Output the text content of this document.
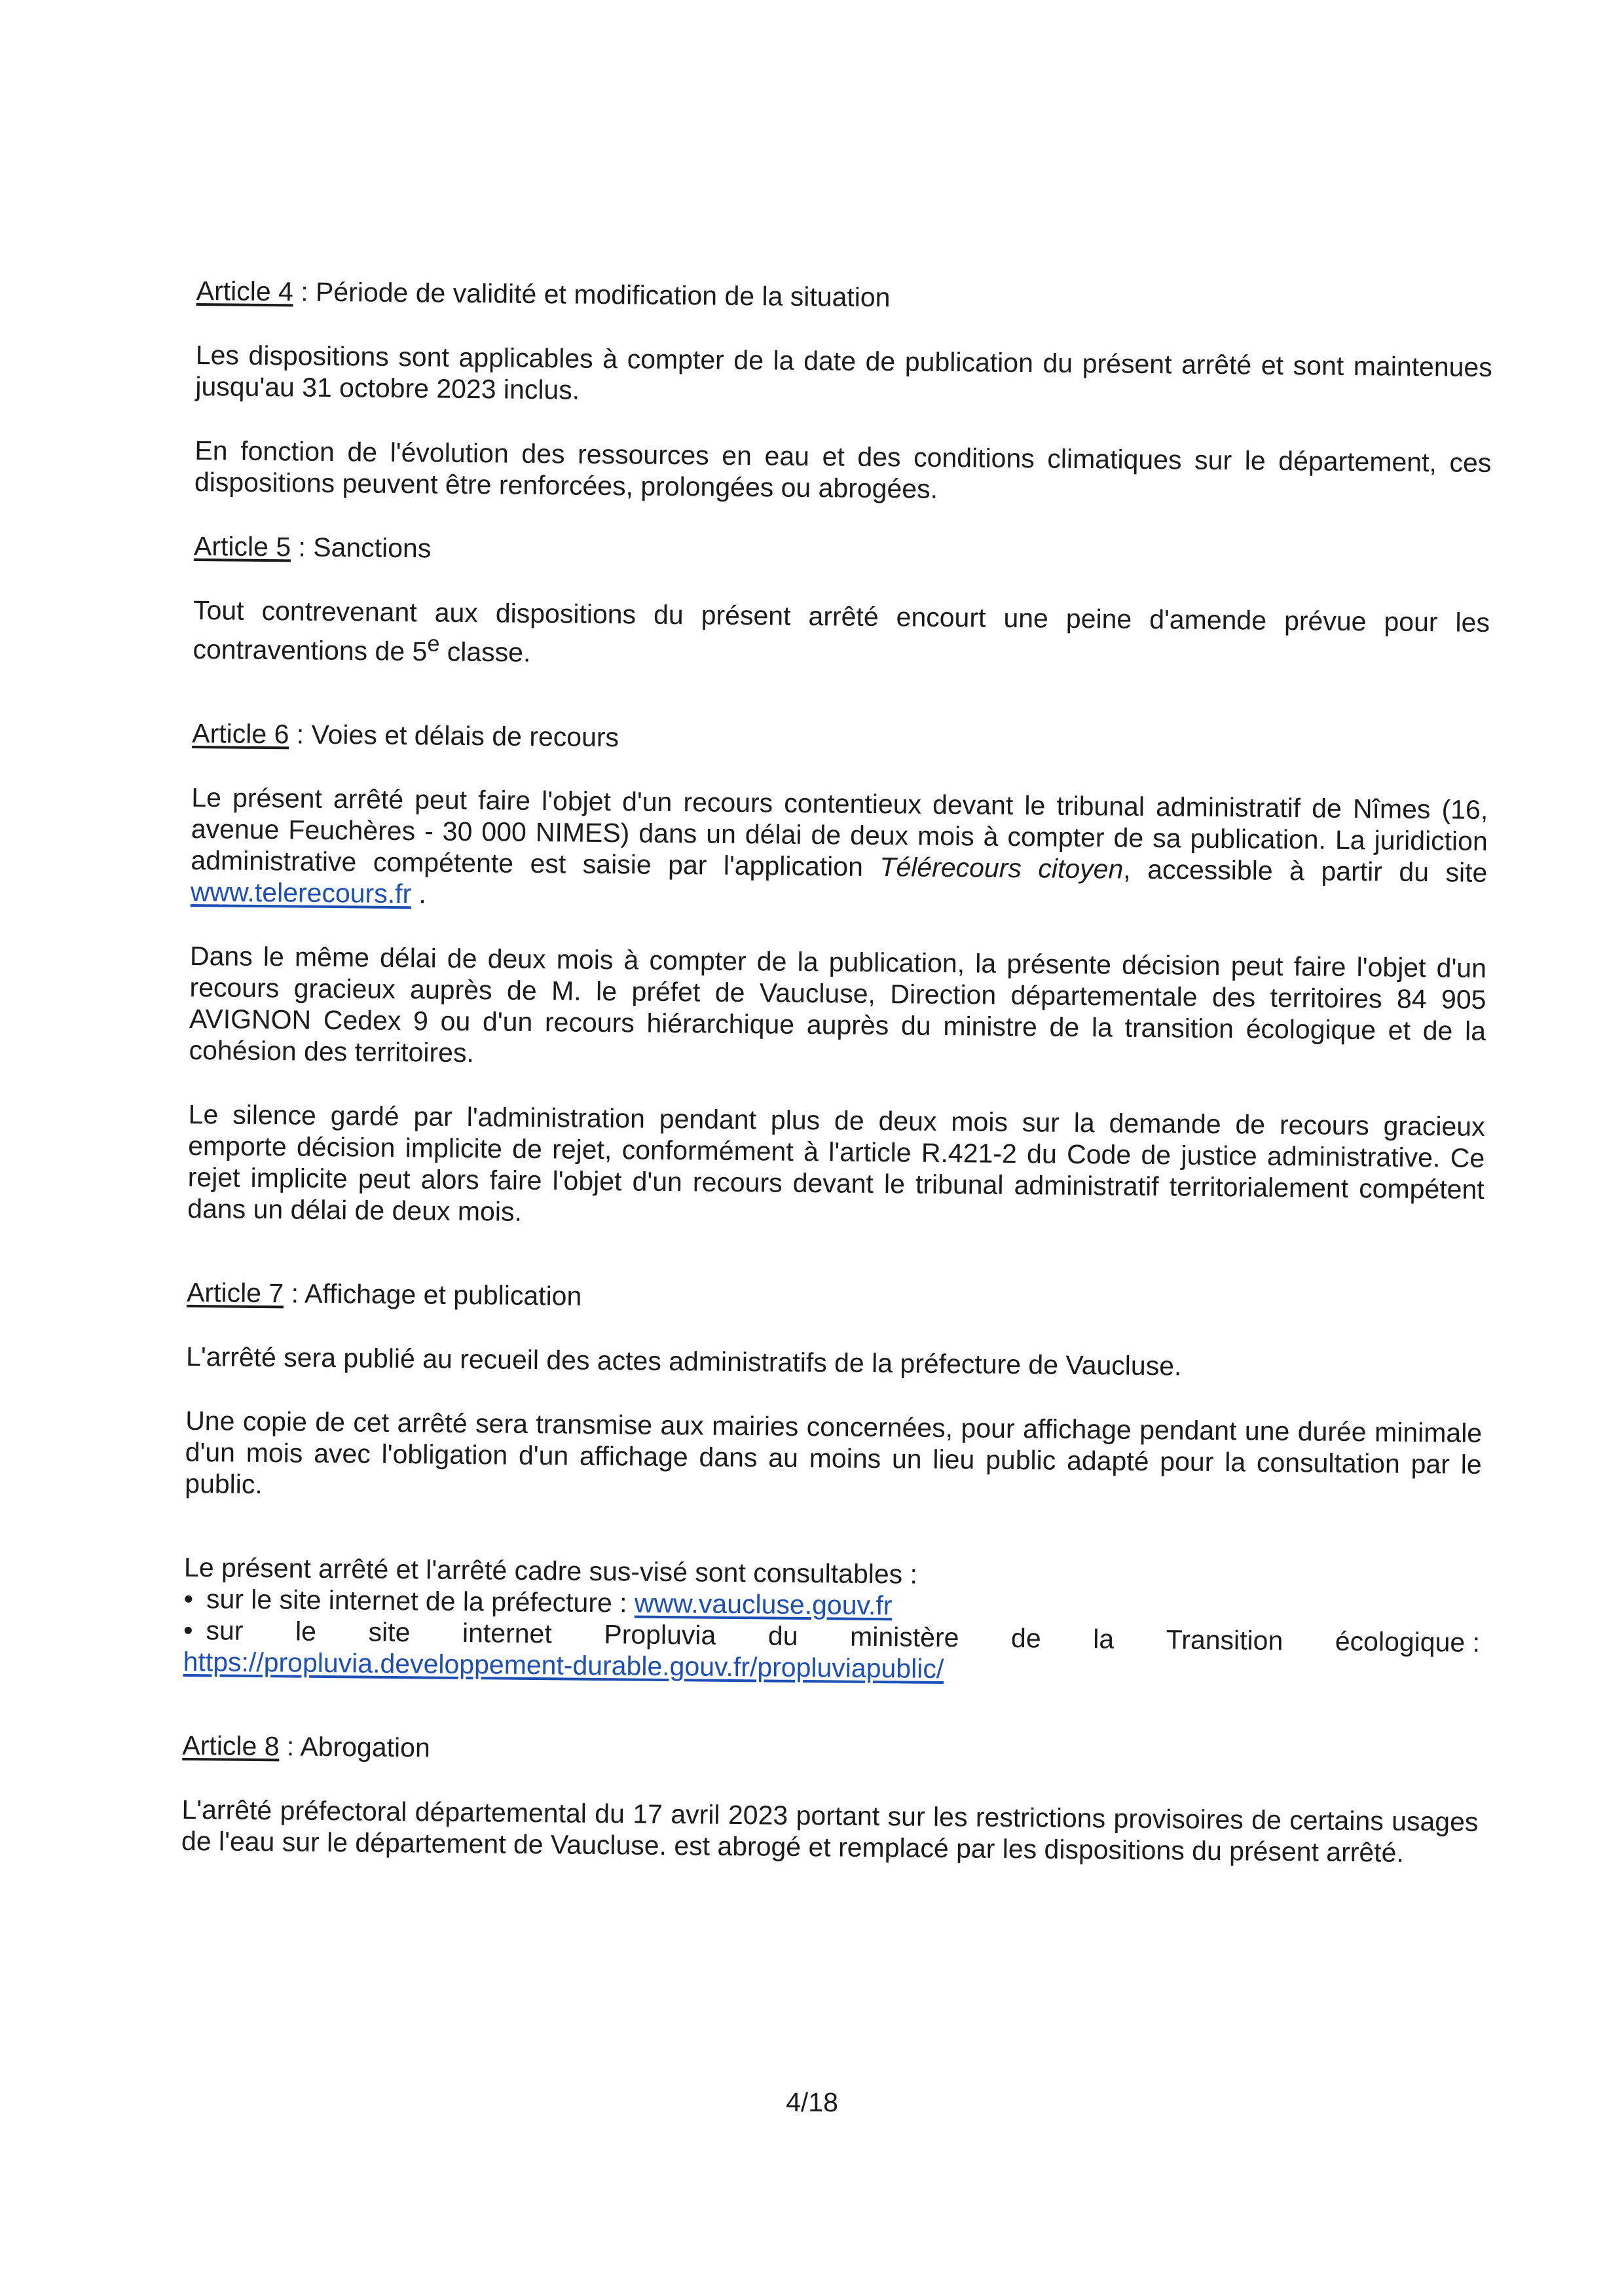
Article 4 : Période de validité et modification de la situation

Les dispositions sont applicables à compter de la date de publication du présent arrêté et sont maintenues jusqu'au 31 octobre 2023 inclus.

En fonction de l'évolution des ressources en eau et des conditions climatiques sur le département, ces dispositions peuvent être renforcées, prolongées ou abrogées.

Article 5 : Sanctions

Tout contrevenant aux dispositions du présent arrêté encourt une peine d'amende prévue pour les contraventions de 5e classe.

Article 6 : Voies et délais de recours

Le présent arrêté peut faire l'objet d'un recours contentieux devant le tribunal administratif de Nîmes (16, avenue Feuchères - 30 000 NIMES) dans un délai de deux mois à compter de sa publication. La juridiction administrative compétente est saisie par l'application Télérecours citoyen, accessible à partir du site www.telerecours.fr .

Dans le même délai de deux mois à compter de la publication, la présente décision peut faire l'objet d'un recours gracieux auprès de M. le préfet de Vaucluse, Direction départementale des territoires 84 905 AVIGNON Cedex 9 ou d'un recours hiérarchique auprès du ministre de la transition écologique et de la cohésion des territoires.

Le silence gardé par l'administration pendant plus de deux mois sur la demande de recours gracieux emporte décision implicite de rejet, conformément à l'article R.421-2 du Code de justice administrative. Ce rejet implicite peut alors faire l'objet d'un recours devant le tribunal administratif territorialement compétent dans un délai de deux mois.

Article 7 : Affichage et publication

L'arrêté sera publié au recueil des actes administratifs de la préfecture de Vaucluse.

Une copie de cet arrêté sera transmise aux mairies concernées, pour affichage pendant une durée minimale d'un mois avec l'obligation d'un affichage dans au moins un lieu public adapté pour la consultation par le public.

Le présent arrêté et l'arrêté cadre sus-visé sont consultables :
• sur le site internet de la préfecture : www.vaucluse.gouv.fr
• sur le site internet Propluvia du ministère de la Transition écologique :
https://propluvia.developpement-durable.gouv.fr/propluviapublic/
Article 8 : Abrogation

L'arrêté préfectoral départemental du 17 avril 2023 portant sur les restrictions provisoires de certains usages de l'eau sur le département de Vaucluse. est abrogé et remplacé par les dispositions du présent arrêté.

4/18
